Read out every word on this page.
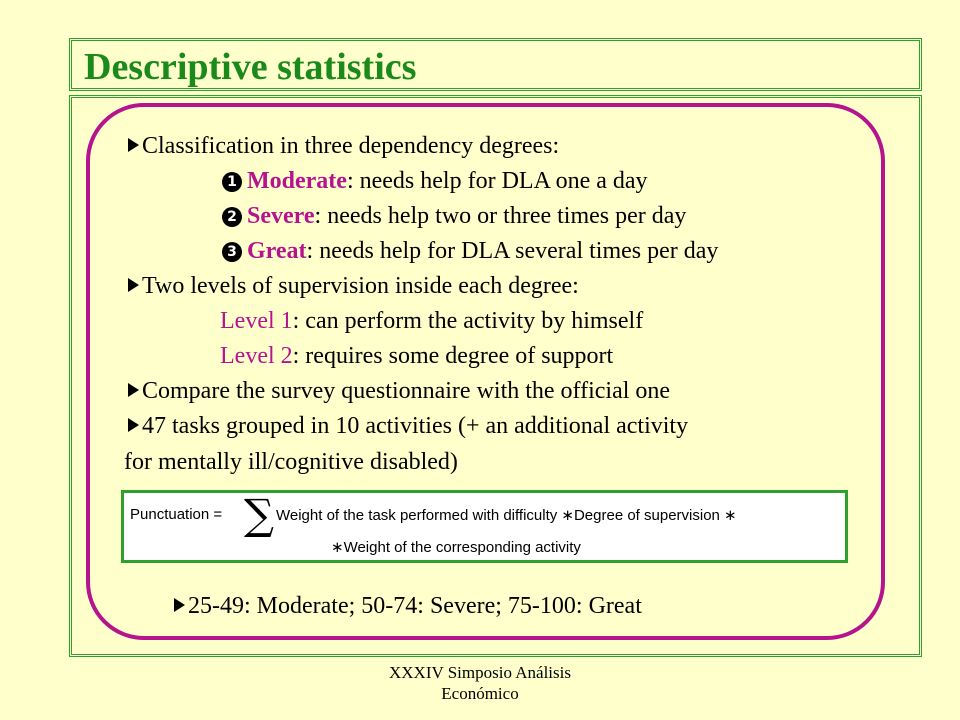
Descriptive statistics
Classification in three dependency degrees:
1 Moderate: needs help for DLA one a day
2 Severe: needs help two or three times per day
3 Great: needs help for DLA several times per day
Two levels of supervision inside each degree:
Level 1: can perform the activity by himself
Level 2: requires some degree of support
Compare the survey questionnaire with the official one
47 tasks grouped in 10 activities (+ an additional activity
for mentally ill/cognitive disabled)
Punctuation = ∑ Weight of the task performed with difficulty ∗Degree of supervision ∗
∗Weight of the corresponding activity
25-49: Moderate; 50-74: Severe; 75-100: Great
XXXIV Simposio Análisis
Económico
